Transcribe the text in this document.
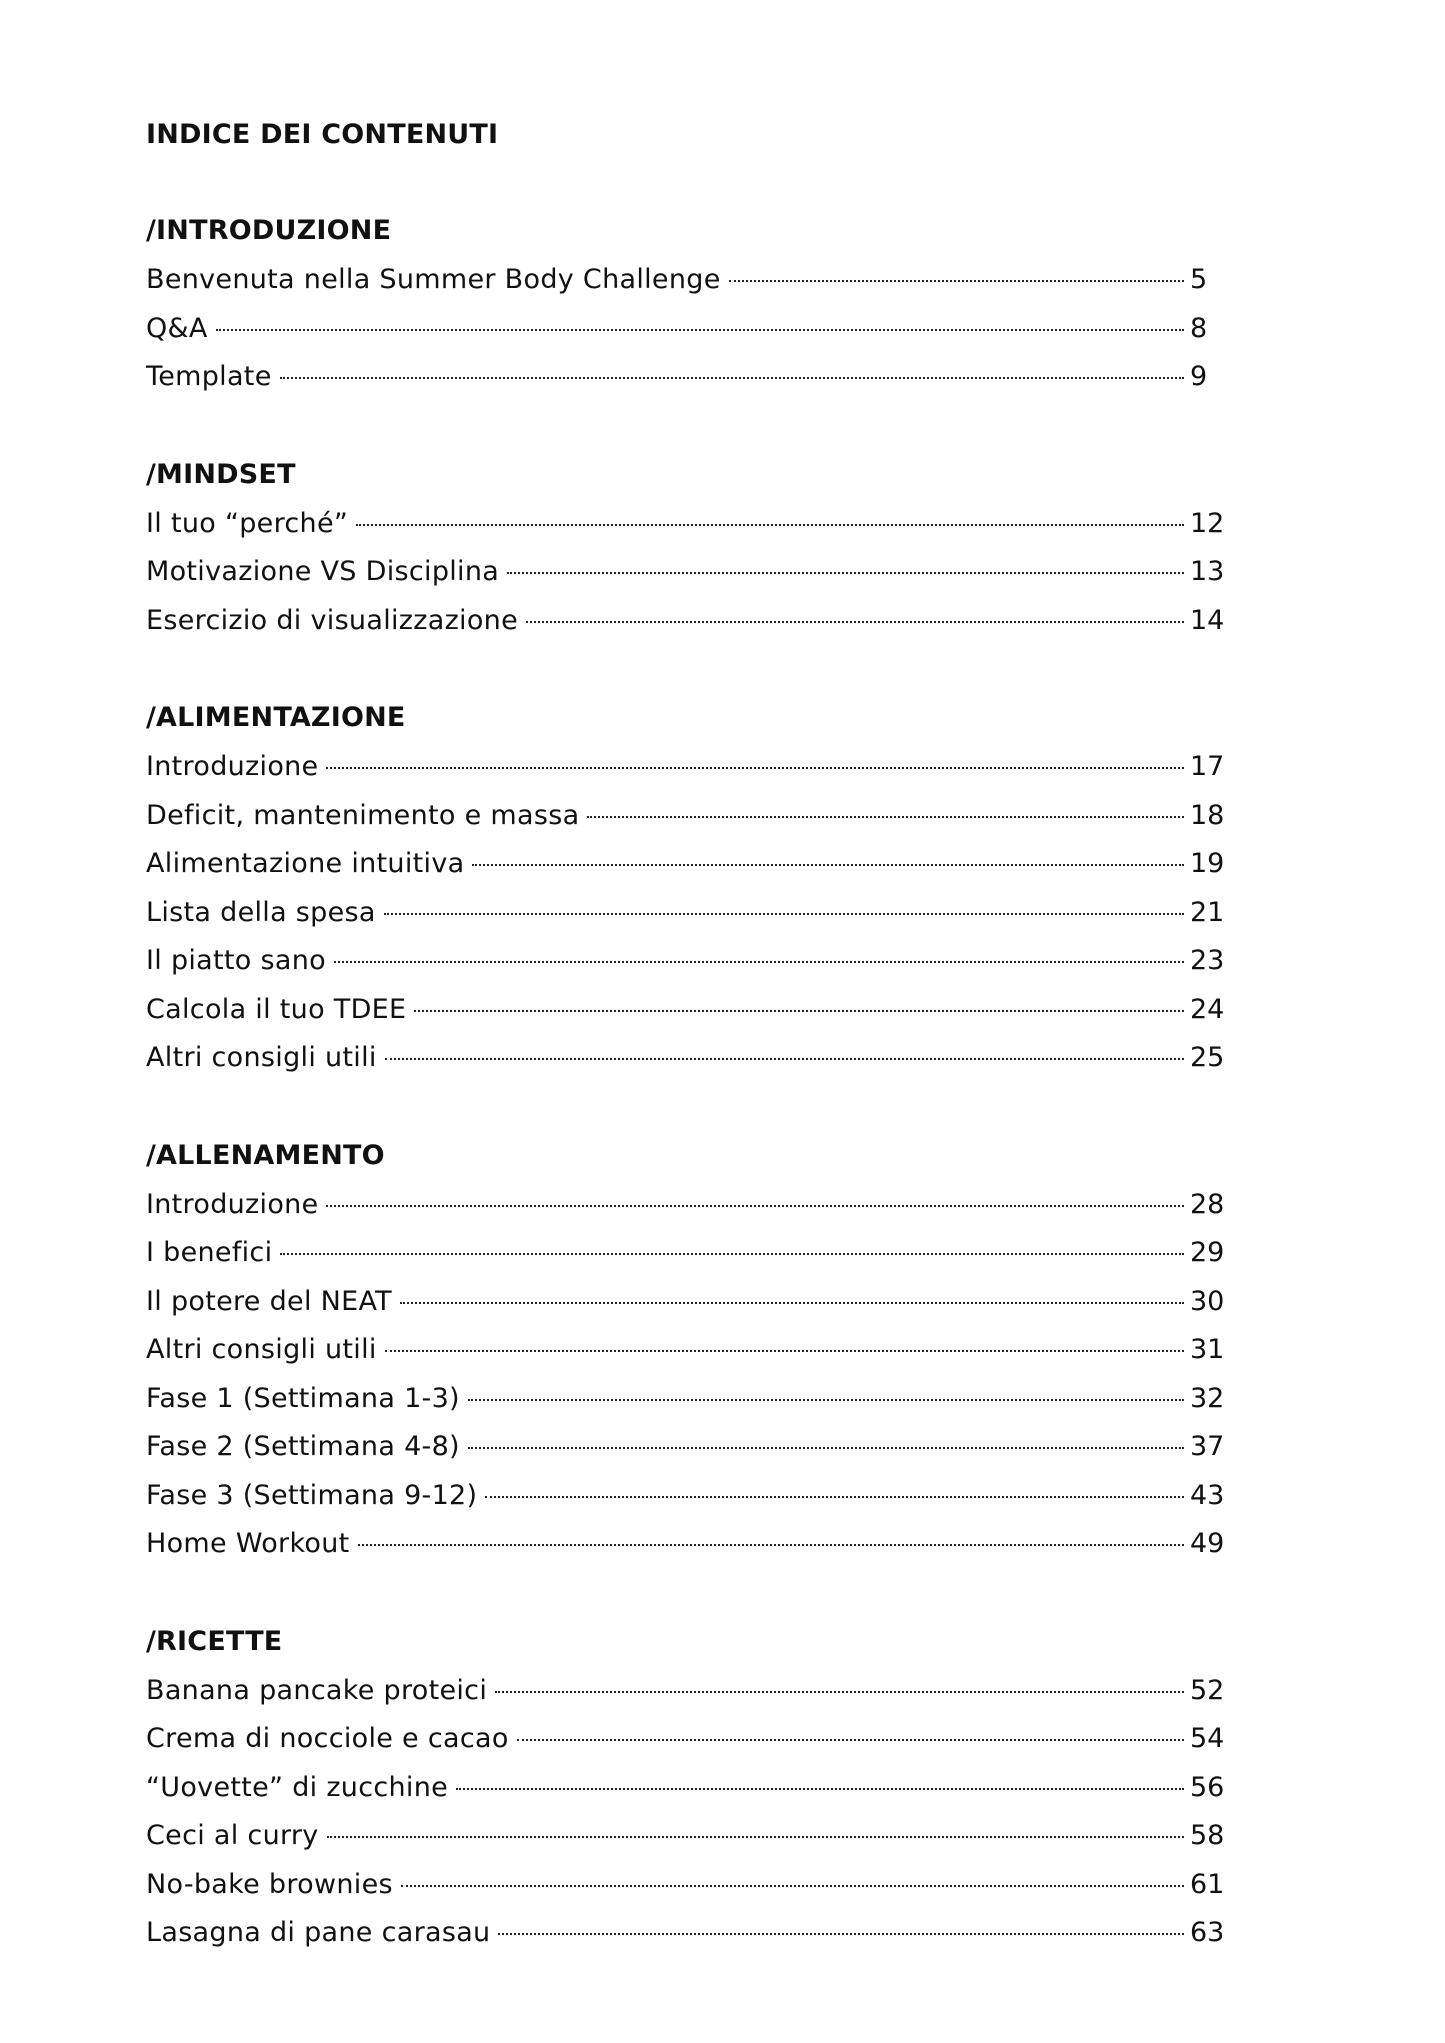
INDICE DEI CONTENUTI
/INTRODUZIONE
Benvenuta nella Summer Body Challenge	5
Q&A	8
Template	9
/MINDSET
Il tuo “perché”	12
Motivazione VS Disciplina	13
Esercizio di visualizzazione	14
/ALIMENTAZIONE
Introduzione	17
Deficit, mantenimento e massa	18
Alimentazione intuitiva	19
Lista della spesa	21
Il piatto sano	23
Calcola il tuo TDEE	24
Altri consigli utili	25
/ALLENAMENTO
Introduzione	28
I benefici	29
Il potere del NEAT	30
Altri consigli utili	31
Fase 1 (Settimana 1-3)	32
Fase 2 (Settimana 4-8)	37
Fase 3 (Settimana 9-12)	43
Home Workout	49
/RICETTE
Banana pancake proteici	52
Crema di nocciole e cacao	54
“Uovette” di zucchine	56
Ceci al curry	58
No-bake brownies	61
Lasagna di pane carasau	63
